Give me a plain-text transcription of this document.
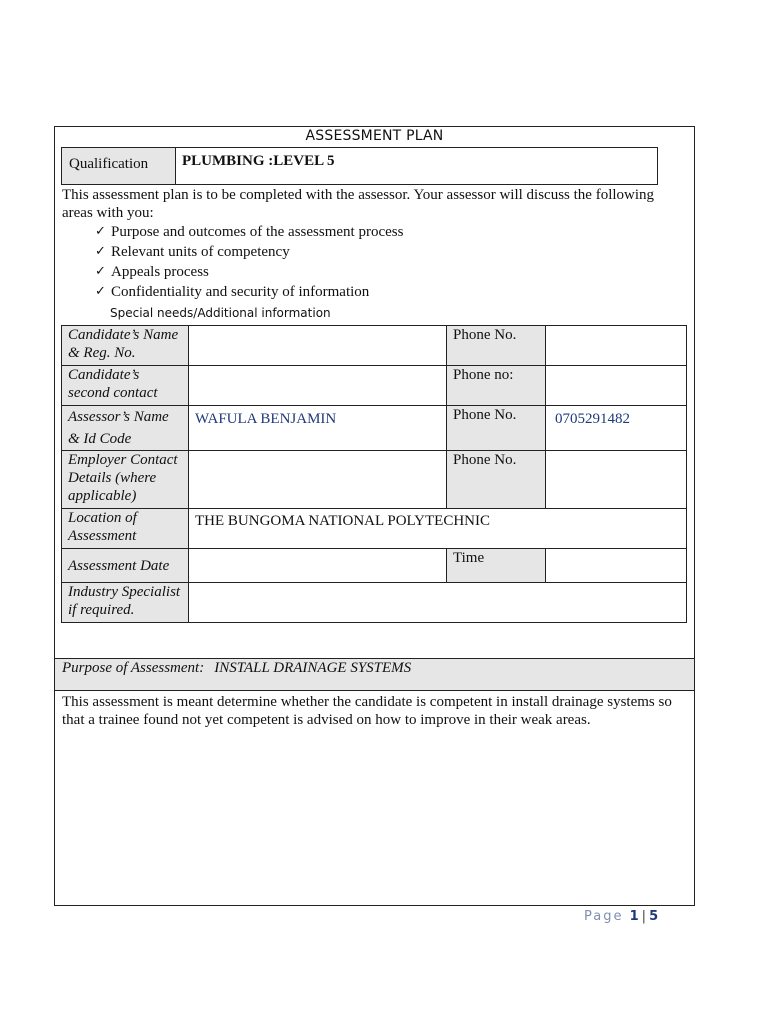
ASSESSMENT PLAN
Qualification	PLUMBING :LEVEL 5
This assessment plan is to be completed with the assessor. Your assessor will discuss the following areas with you:
✓ Purpose and outcomes of the assessment process
✓ Relevant units of competency
✓ Appeals process
✓ Confidentiality and security of information
Special needs/Additional information
Candidate’s Name & Reg. No.		Phone No.	
Candidate’s second contact		Phone no:	
Assessor’s Name
& Id Code	WAFULA BENJAMIN	Phone No.	0705291482
Employer Contact Details (where applicable)		Phone No.	
Location of Assessment	THE BUNGOMA NATIONAL POLYTECHNIC		
Assessment Date		Time	
Industry Specialist if required.			
Purpose of Assessment: INSTALL DRAINAGE SYSTEMS
This assessment is meant determine whether the candidate is competent in install drainage systems so that a trainee found not yet competent is advised on how to improve in their weak areas.
Page 1 | 5
